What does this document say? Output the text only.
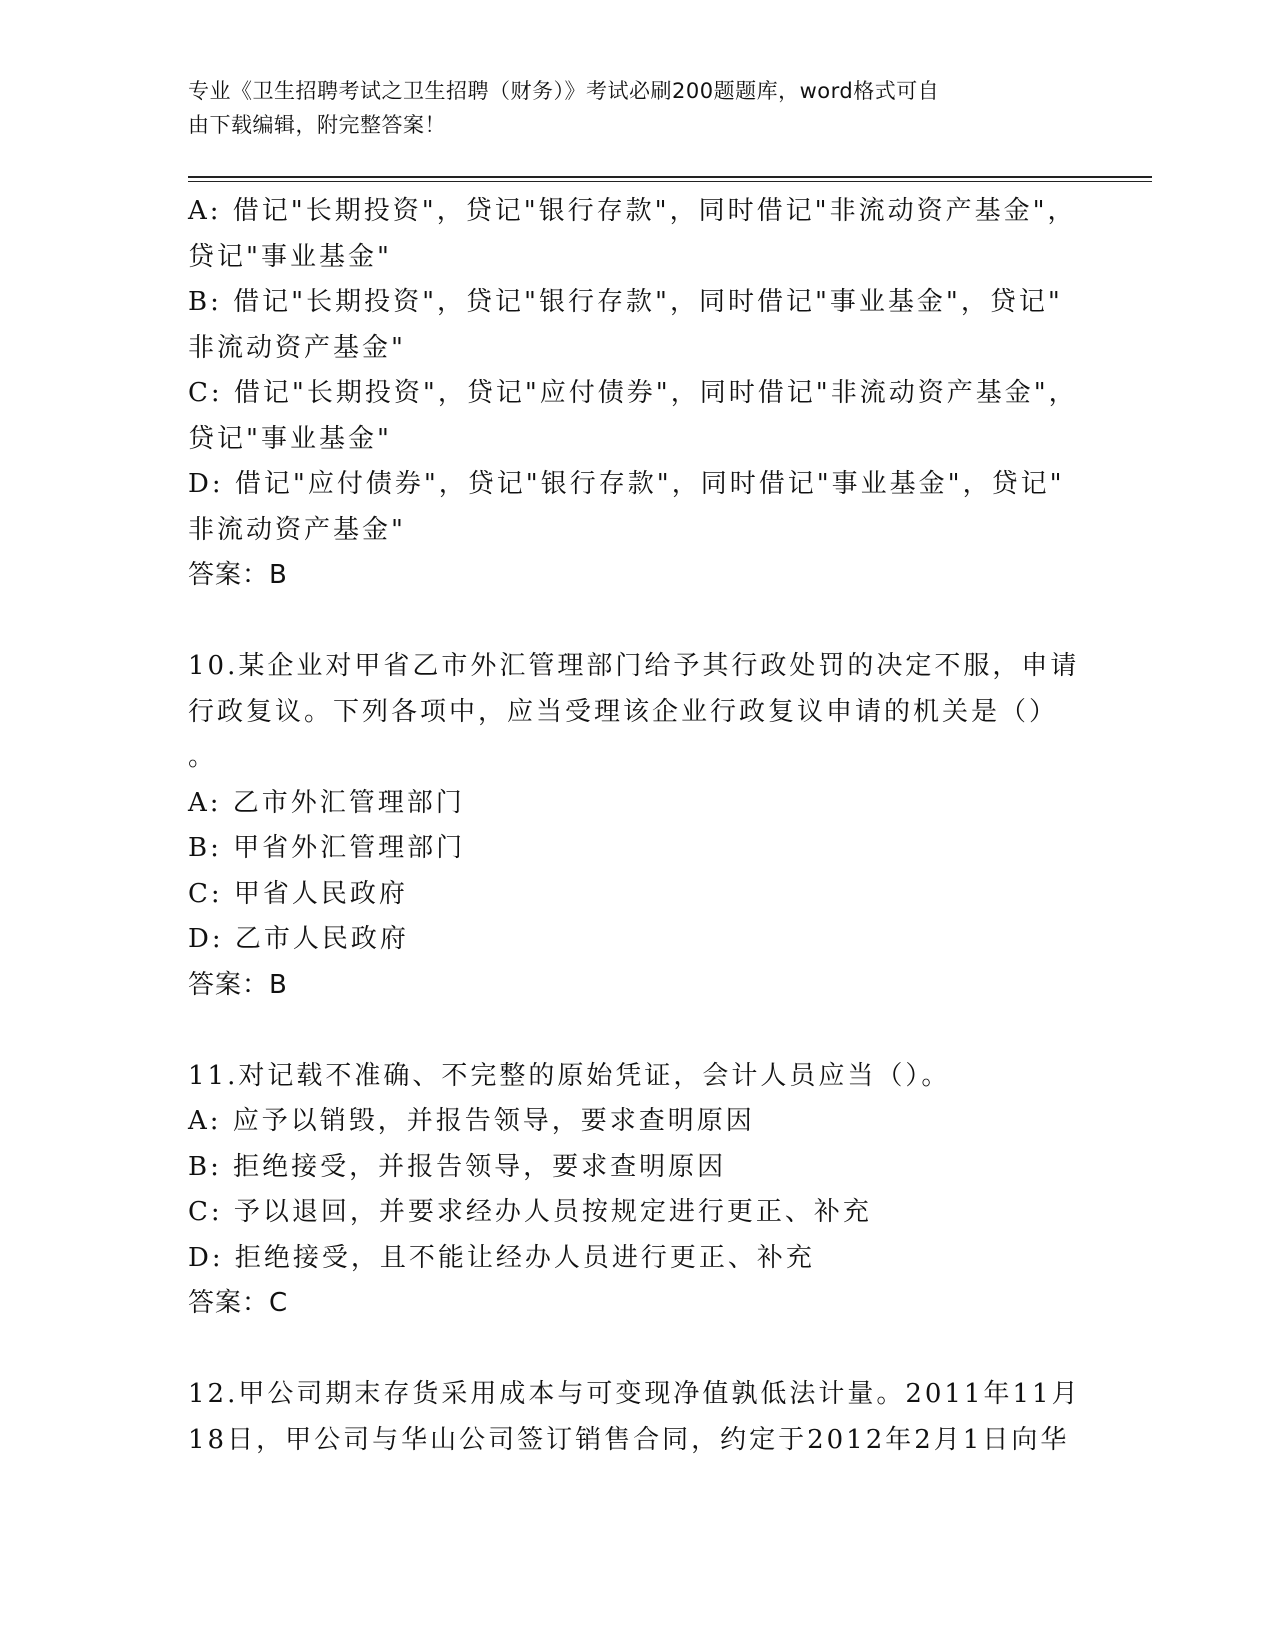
专业《卫生招聘考试之卫生招聘（财务）》考试必刷200题题库，word格式可自
由下载编辑，附完整答案！
A: 借记"长期投资"，贷记"银行存款"，同时借记"非流动资产基金"，
贷记"事业基金"
B: 借记"长期投资"，贷记"银行存款"，同时借记"事业基金"，贷记"
非流动资产基金"
C: 借记"长期投资"，贷记"应付债券"，同时借记"非流动资产基金"，
贷记"事业基金"
D: 借记"应付债券"，贷记"银行存款"，同时借记"事业基金"，贷记"
非流动资产基金"
答案：B
10.某企业对甲省乙市外汇管理部门给予其行政处罚的决定不服，申请
行政复议。下列各项中，应当受理该企业行政复议申请的机关是（）
。
A: 乙市外汇管理部门
B: 甲省外汇管理部门
C: 甲省人民政府
D: 乙市人民政府
答案：B
11.对记载不准确、不完整的原始凭证，会计人员应当（）。
A: 应予以销毁，并报告领导，要求查明原因
B: 拒绝接受，并报告领导，要求查明原因
C: 予以退回，并要求经办人员按规定进行更正、补充
D: 拒绝接受，且不能让经办人员进行更正、补充
答案：C
12.甲公司期末存货采用成本与可变现净值孰低法计量。2011年11月
18日，甲公司与华山公司签订销售合同，约定于2012年2月1日向华
